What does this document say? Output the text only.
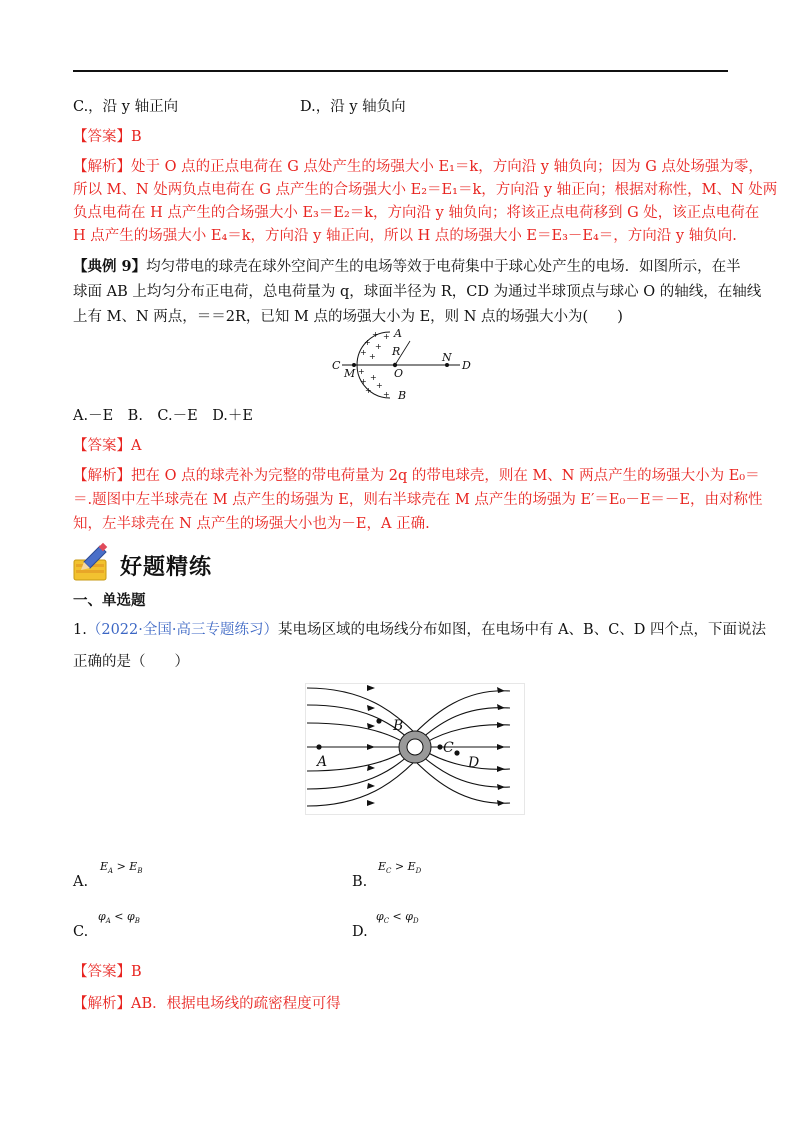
C.，沿 y 轴正向	D.，沿 y 轴负向
【答案】B
【解析】处于 O 点的正点电荷在 G 点处产生的场强大小 E₁＝k，方向沿 y 轴负向；因为 G 点处场强为零，
所以 M、N 处两负点电荷在 G 点产生的合场强大小 E₂＝E₁＝k，方向沿 y 轴正向；根据对称性，M、N 处两
负点电荷在 H 点产生的合场强大小 E₃＝E₂＝k，方向沿 y 轴负向；将该正点电荷移到 G 处，该正点电荷在
H 点产生的场强大小 E₄＝k，方向沿 y 轴正向，所以 H 点的场强大小 E＝E₃－E₄＝，方向沿 y 轴负向.
【典例 9】均匀带电的球壳在球外空间产生的电场等效于电荷集中于球心处产生的电场．如图所示，在半
球面 AB 上均匀分布正电荷，总电荷量为 q，球面半径为 R，CD 为通过半球顶点与球心 O 的轴线，在轴线
上有 M、N 两点，＝＝2R，已知 M 点的场强大小为 E，则 N 点的场强大小为(　　)
+
+
+
+
+
+
+
+
+
+
+
+
A
B
C	D
M
N
O
R
A.－E　B.　C.－E　D.＋E
【答案】A
【解析】把在 O 点的球壳补为完整的带电荷量为 2q 的带电球壳，则在 M、N 两点产生的场强大小为 E₀＝
＝.题图中左半球壳在 M 点产生的场强为 E，则右半球壳在 M 点产生的场强为 E′＝E₀－E＝－E，由对称性
知，左半球壳在 N 点产生的场强大小也为－E，A 正确.
好题精练
一、单选题
1.（2022·全国·高三专题练习）某电场区域的电场线分布如图，在电场中有 A、B、C、D 四个点，下面说法
正确的是（　　）
A
B
C
D
A.
$E_A > E_B$
B.
$E_C > E_D$
C.
$\varphi_A < \varphi_B$
D.
$\varphi_C < \varphi_D$
【答案】B
【解析】AB．根据电场线的疏密程度可得
